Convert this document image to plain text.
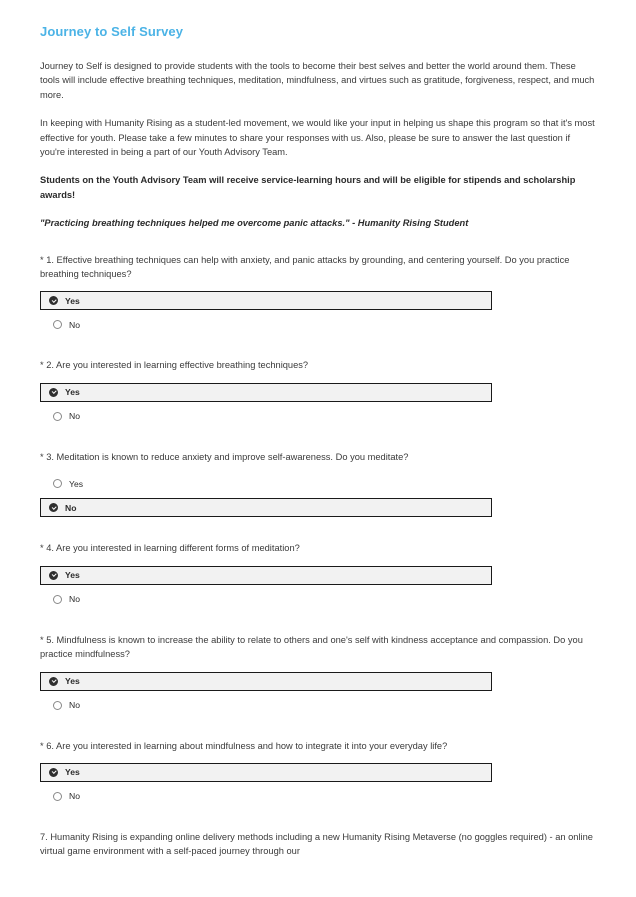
Journey to Self Survey

Journey to Self is designed to provide students with the tools to become their best selves and better the world around them. These tools will include effective breathing techniques, meditation, mindfulness, and virtues such as gratitude, forgiveness, respect, and much more.

In keeping with Humanity Rising as a student-led movement, we would like your input in helping us shape this program so that it's most effective for youth. Please take a few minutes to share your responses with us. Also, please be sure to answer the last question if you're interested in being a part of our Youth Advisory Team.

Students on the Youth Advisory Team will receive service-learning hours and will be eligible for stipends and scholarship awards!

"Practicing breathing techniques helped me overcome panic attacks." - Humanity Rising Student

* 1. Effective breathing techniques can help with anxiety, and panic attacks by grounding, and centering yourself. Do you practice breathing techniques?

Yes
No

* 2. Are you interested in learning effective breathing techniques?

Yes
No

* 3. Meditation is known to reduce anxiety and improve self-awareness. Do you meditate?

Yes
No

* 4. Are you interested in learning different forms of meditation?

Yes
No

* 5. Mindfulness is known to increase the ability to relate to others and one's self with kindness acceptance and compassion. Do you practice mindfulness?

Yes
No

* 6. Are you interested in learning about mindfulness and how to integrate it into your everyday life?

Yes
No

7. Humanity Rising is expanding online delivery methods including a new Humanity Rising Metaverse (no goggles required) - an online virtual game environment with a self-paced journey through our
